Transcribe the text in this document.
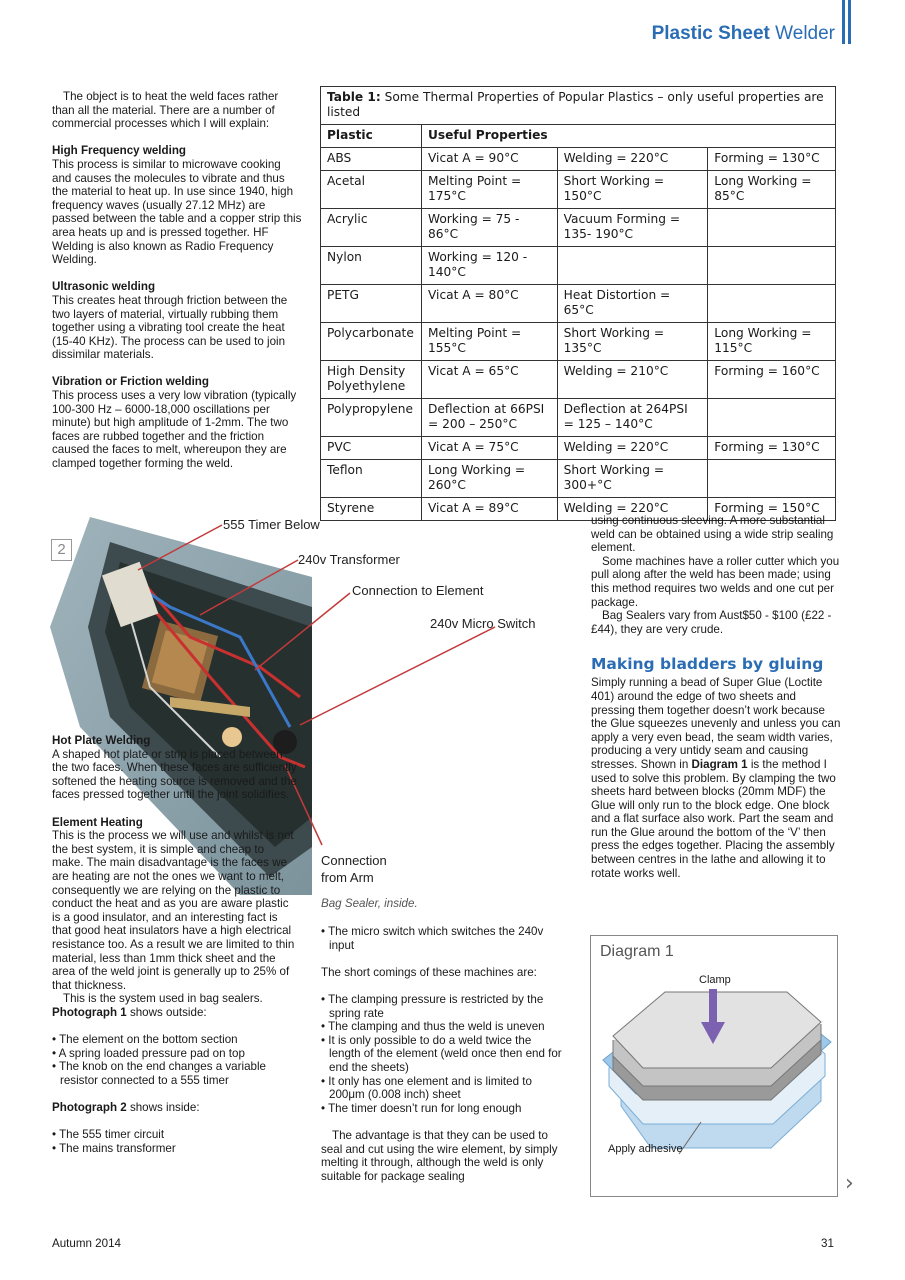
Plastic Sheet Welder

The object is to heat the weld faces rather than all the material. There are a number of commercial processes which I will explain:

High Frequency welding

This process is similar to microwave cooking and causes the molecules to vibrate and thus the material to heat up. In use since 1940, high frequency waves (usually 27.12 MHz) are passed between the table and a copper strip this area heats up and is pressed together. HF Welding is also known as Radio Frequency Welding.

Ultrasonic welding

This creates heat through friction between the two layers of material, virtually rubbing them together using a vibrating tool create the heat (15-40 KHz). The process can be used to join dissimilar materials.

Vibration or Friction welding

This process uses a very low vibration (typically 100-300 Hz – 6000-18,000 oscillations per minute) but high amplitude of 1-2mm. The two faces are rubbed together and the friction caused the faces to melt, whereupon they are clamped together forming the weld.

Table 1: Some Thermal Properties of Popular Plastics – only useful properties are listed			
Plastic	Useful Properties		
ABS	Vicat A = 90°C	Welding = 220°C	Forming = 130°C
Acetal	Melting Point = 175°C	Short Working = 150°C	Long Working = 85°C
Acrylic	Working = 75 - 86°C	Vacuum Forming = 135- 190°C	
Nylon	Working = 120 - 140°C		
PETG	Vicat A = 80°C	Heat Distortion = 65°C	
Polycarbonate	Melting Point = 155°C	Short Working = 135°C	Long Working = 115°C
High Density Polyethylene	Vicat A = 65°C	Welding = 210°C	Forming = 160°C
Polypropylene	Deflection at 66PSI = 200 – 250°C	Deflection at 264PSI = 125 – 140°C	
PVC	Vicat A = 75°C	Welding = 220°C	Forming = 130°C
Teflon	Long Working = 260°C	Short Working = 300+°C	
Styrene	Vicat A = 89°C	Welding = 220°C	Forming = 150°C
2
555 Timer Below
240v Transformer
Connection to Element
240v Micro Switch
Connection
from Arm
Bag Sealer, inside.

Hot Plate Welding

A shaped hot plate or strip is placed between the two faces. When these faces are sufficiently softened the heating source is removed and the faces pressed together until the joint solidifies.

Element Heating

This is the process we will use and whilst is not the best system, it is simple and cheap to make. The main disadvantage is the faces we are heating are not the ones we want to melt, consequently we are relying on the plastic to conduct the heat and as you are aware plastic is a good insulator, and an interesting fact is that good heat insulators have a high electrical resistance too. As a result we are limited to thin material, less than 1mm thick sheet and the area of the weld joint is generally up to 25% of that thickness.

This is the system used in bag sealers.

Photograph 1 shows outside:

• The element on the bottom section
• A spring loaded pressure pad on top
• The knob on the end changes a variable resistor connected to a 555 timer

Photograph 2 shows inside:

• The 555 timer circuit
• The mains transformer
• The micro switch which switches the 240v input

The short comings of these machines are:

• The clamping pressure is restricted by the spring rate
• The clamping and thus the weld is uneven
• It is only possible to do a weld twice the length of the element (weld once then end for end the sheets)
• It only has one element and is limited to 200μm (0.008 inch) sheet
• The timer doesn’t run for long enough

The advantage is that they can be used to seal and cut using the wire element, by simply melting it through, although the weld is only suitable for package sealing

using continuous sleeving. A more substantial weld can be obtained using a wide strip sealing element.

Some machines have a roller cutter which you pull along after the weld has been made; using this method requires two welds and one cut per package.

Bag Sealers vary from Aust$50 - $100 (£22 - £44), they are very crude.

Making bladders by gluing

Simply running a bead of Super Glue (Loctite 401) around the edge of two sheets and pressing them together doesn’t work because the Glue squeezes unevenly and unless you can apply a very even bead, the seam width varies, producing a very untidy seam and causing stresses. Shown in Diagram 1 is the method I used to solve this problem. By clamping the two sheets hard between blocks (20mm MDF) the Glue will only run to the block edge. One block and a flat surface also work. Part the seam and run the Glue around the bottom of the ‘V’ then press the edges together. Placing the assembly between centres in the lathe and allowing it to rotate works well.

Diagram 1
Clamp
Apply adhesive
›
Autumn 2014	31
